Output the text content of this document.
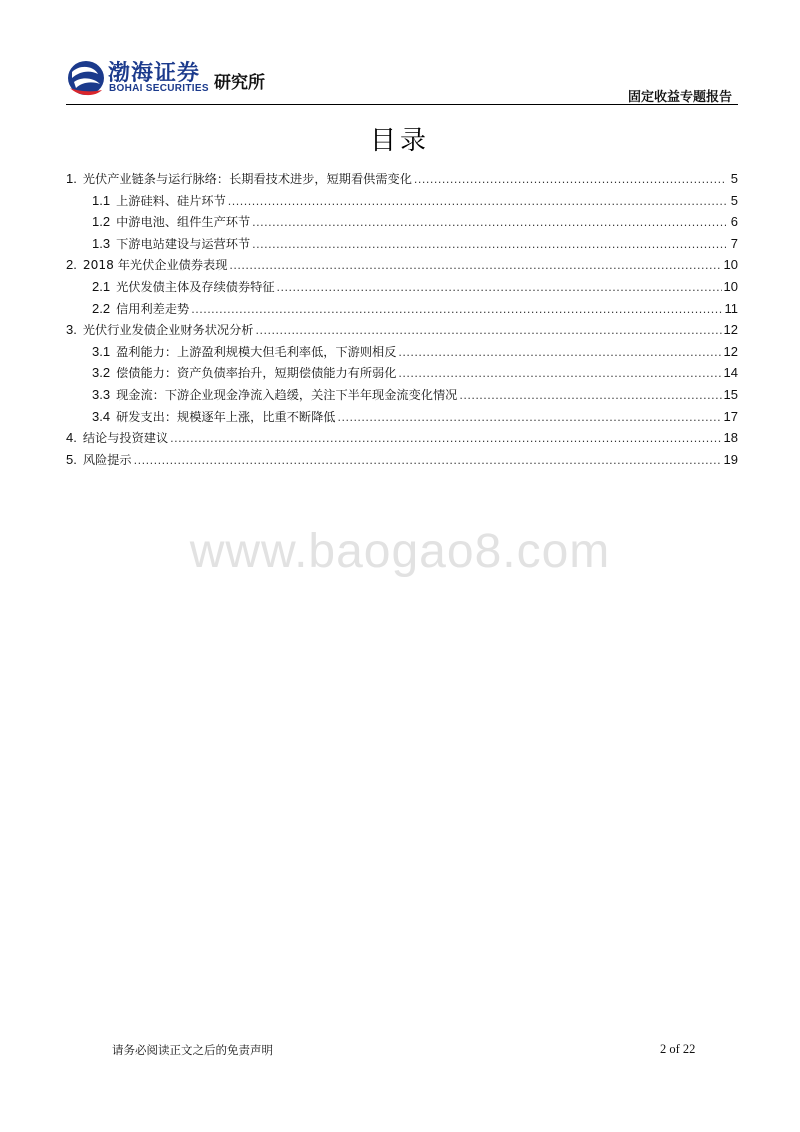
渤海证券
BOHAI SECURITIES 研究所
固定收益专题报告
目录
1. 光伏产业链条与运行脉络：长期看技术进步，短期看供需变化 .....	5
1.1 上游硅料、硅片环节 .....	5
1.2 中游电池、组件生产环节 .....	6
1.3 下游电站建设与运营环节 .....	7
2. 2018 年光伏企业债券表现 .....	10
2.1 光伏发债主体及存续债券特征 .....	10
2.2 信用利差走势 .....	11
3. 光伏行业发债企业财务状况分析 .....	12
3.1 盈利能力：上游盈利规模大但毛利率低，下游则相反 .....	12
3.2 偿债能力：资产负债率抬升，短期偿债能力有所弱化 .....	14
3.3 现金流：下游企业现金净流入趋缓，关注下半年现金流变化情况 .....	15
3.4 研发支出：规模逐年上涨，比重不断降低 .....	17
4. 结论与投资建议 .....	18
5. 风险提示 .....	19
www.baogao8.com
请务必阅读正文之后的免责声明	2 of 22
